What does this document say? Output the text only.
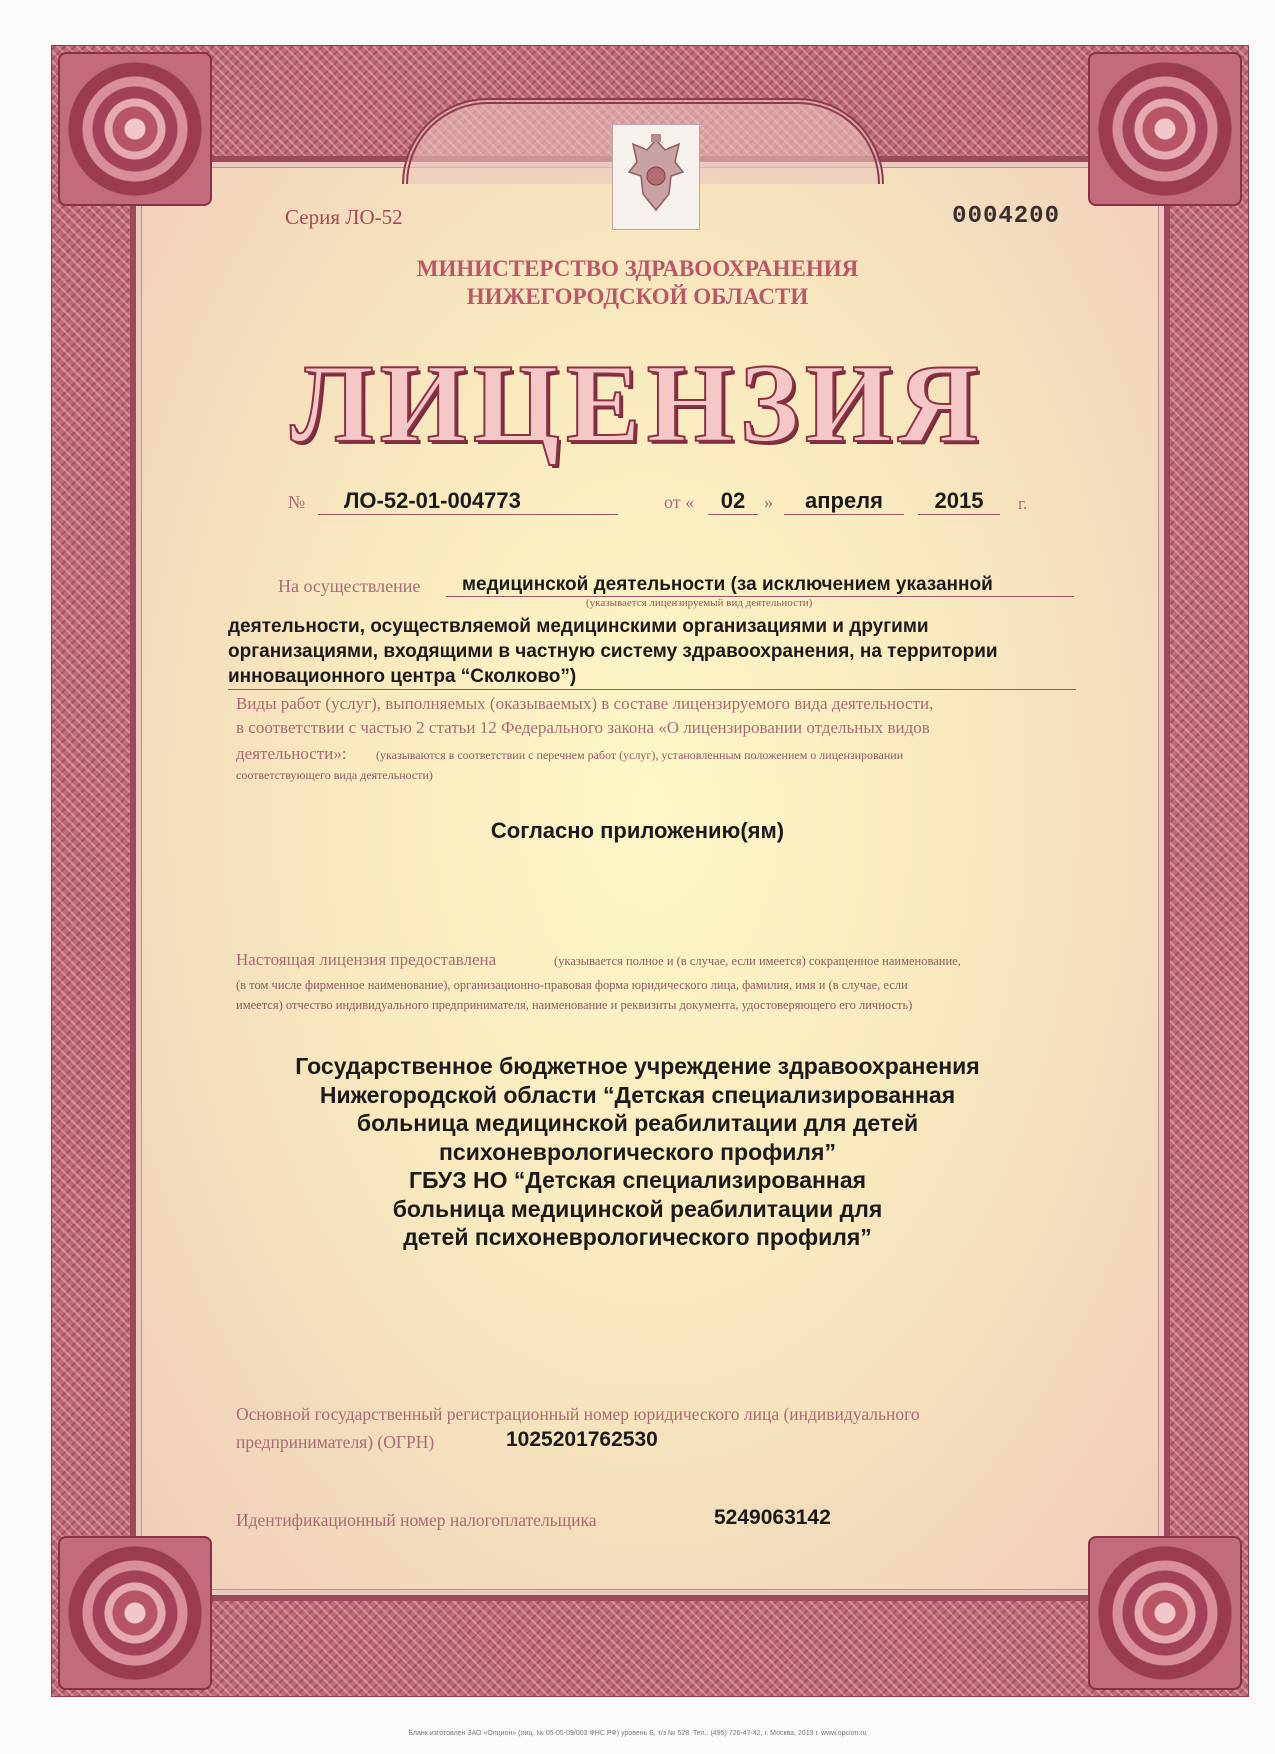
Серия ЛО-52	0004200

МИНИСТЕРСТВО ЗДРАВООХРАНЕНИЯ

НИЖЕГОРОДСКОЙ ОБЛАСТИ

ЛИЦЕНЗИЯ

№	ЛО-52-01-004773	от «	02	»	апреля	2015	г.

На осуществление	медицинской деятельности (за исключением указанной

(указывается лицензируемый вид деятельности)

деятельности, осуществляемой медицинскими организациями и другими

организациями, входящими в частную систему здравоохранения, на территории

инновационного центра “Сколково”)

Виды работ (услуг), выполняемых (оказываемых) в составе лицензируемого вида деятельности,

в соответствии с частью 2 статьи 12 Федерального закона «О лицензировании отдельных видов

деятельности»: (указываются в соответствии с перечнем работ (услуг), установленным положением о лицензировании

соответствующего вида деятельности)

Согласно приложению(ям)

Настоящая лицензия предоставлена	(указывается полное и (в случае, если имеется) сокращенное наименование,

(в том числе фирменное наименование), организационно-правовая форма юридического лица, фамилия, имя и (в случае, если

имеется) отчество индивидуального предпринимателя, наименование и реквизиты документа, удостоверяющего его личность)

Государственное бюджетное учреждение здравоохранения

Нижегородской области “Детская специализированная

больница медицинской реабилитации для детей

психоневрологического профиля”

ГБУЗ НО “Детская специализированная

больница медицинской реабилитации для

детей психоневрологического профиля”

Основной государственный регистрационный номер юридического лица (индивидуального

предпринимателя) (ОГРН)	1025201762530

Идентификационный номер налогоплательщика	5249063142

Бланк изготовлен ЗАО «Опцион» (лиц. № 05-05-09/003 ФНС РФ) уровень Б, т/з № 528. Тел.: (495) 726-47-42, г. Москва, 2013 г. www.opcion.ru
